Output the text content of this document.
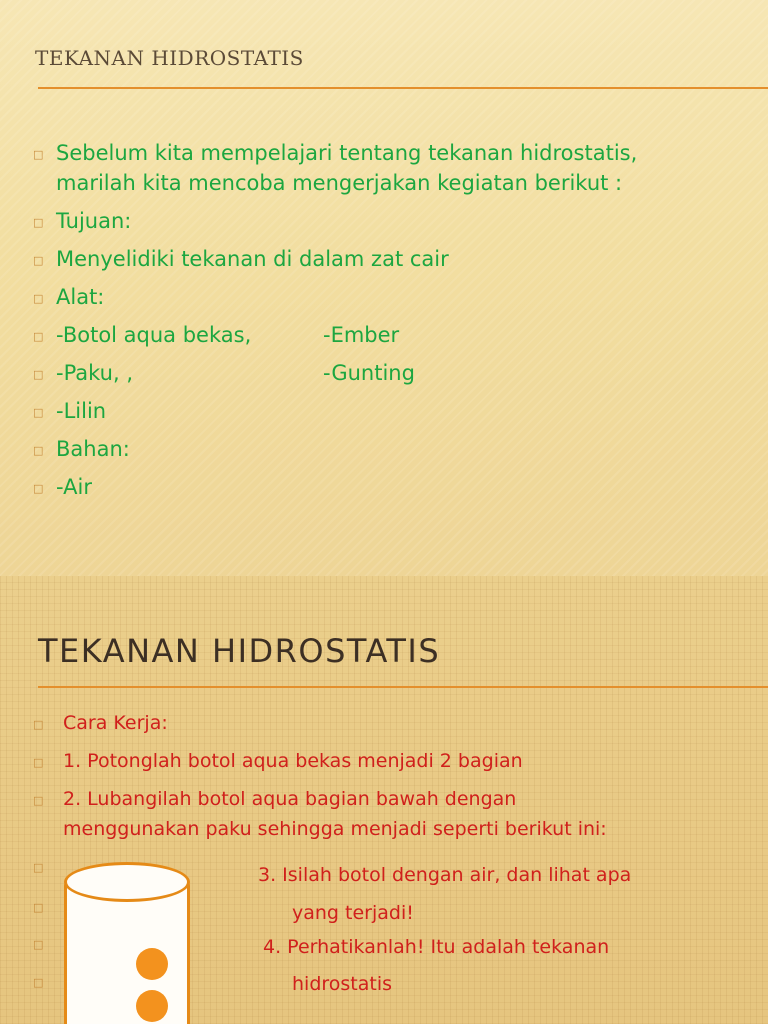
TEKANAN HIDROSTATIS
□ Sebelum kita mempelajari tentang tekanan hidrostatis,
marilah kita mencoba mengerjakan kegiatan berikut :
□ Tujuan:
□ Menyelidiki tekanan di dalam zat cair
□ Alat:
□ -Botol aqua bekas,	-Ember
□ -Paku, ,	-Gunting
□ -Lilin
□ Bahan:
□ -Air
TEKANAN HIDROSTATIS
□ Cara Kerja:
□ 1. Potonglah botol aqua bekas menjadi 2 bagian
□ 2. Lubangilah botol aqua bagian bawah dengan
menggunakan paku sehingga menjadi seperti berikut ini:
□
□
□
□
3. Isilah botol dengan air, dan lihat apa
yang terjadi!
4. Perhatikanlah! Itu adalah tekanan
hidrostatis
